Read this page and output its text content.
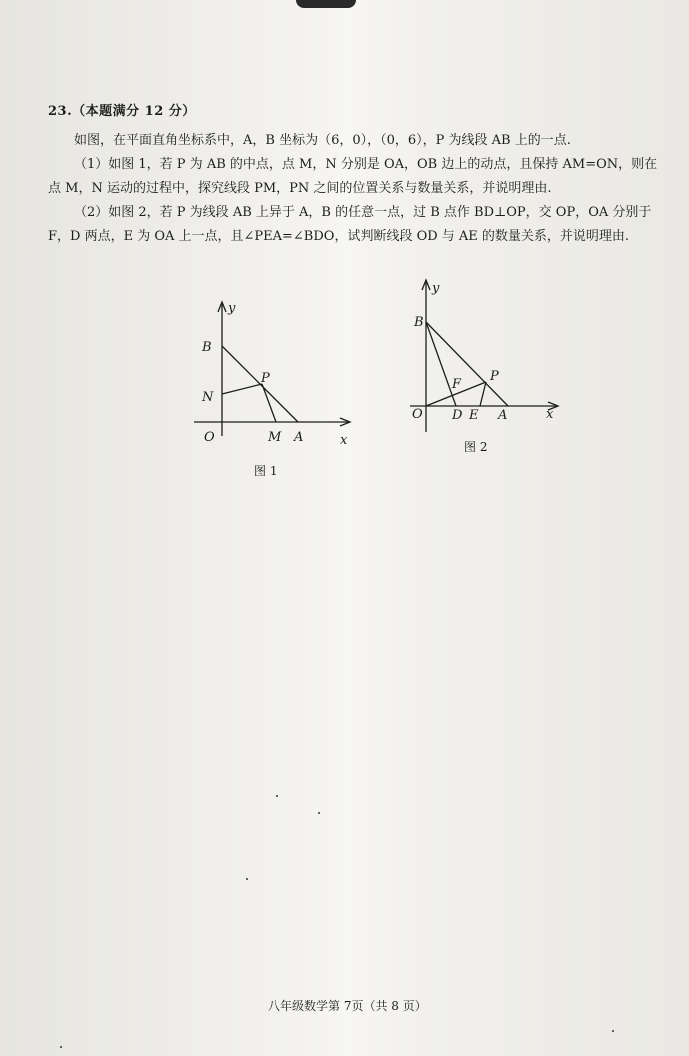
23.（本题满分 12 分）
如图，在平面直角坐标系中，A，B 坐标为（6，0），（0，6），P 为线段 AB 上的一点.
（1）如图 1，若 P 为 AB 的中点，点 M，N 分别是 OA，OB 边上的动点，且保持 AM=ON，则在点 M，N 运动的过程中，探究线段 PM，PN 之间的位置关系与数量关系，并说明理由.
（2）如图 2，若 P 为线段 AB 上异于 A，B 的任意一点，过 B 点作 BD⊥OP，交 OP，OA 分别于 F，D 两点，E 为 OA 上一点，且∠PEA=∠BDO，试判断线段 OD 与 AE 的数量关系，并说明理由.
y
x
B
N
O
P
M A
图 1
y
x
B
F
P
O D E A
图 2
八年级数学第 7页（共 8 页）
